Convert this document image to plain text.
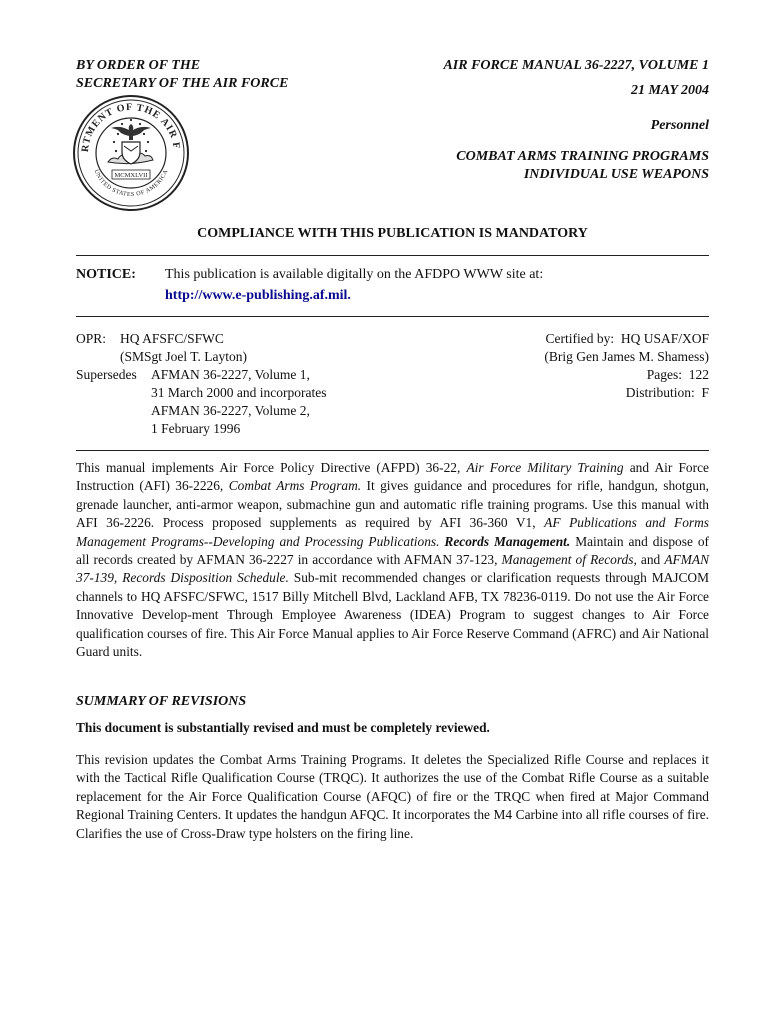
BY ORDER OF THE
SECRETARY OF THE AIR FORCE
AIR FORCE MANUAL 36-2227, VOLUME 1
21 MAY 2004
Personnel
COMBAT ARMS TRAINING PROGRAMS
INDIVIDUAL USE WEAPONS
RTMENT OF THE AIR F
UNITED STATES OF AMERICA
MCMXLVII
COMPLIANCE WITH THIS PUBLICATION IS MANDATORY
NOTICE: This publication is available digitally on the AFDPO WWW site at:
http://www.e-publishing.af.mil.
OPR: HQ AFSFC/SFWC
(SMSgt Joel T. Layton)
Supersedes AFMAN 36-2227, Volume 1,
31 March 2000 and incorporates
AFMAN 36-2227, Volume 2,
1 February 1996
Certified by: HQ USAF/XOF
(Brig Gen James M. Shamess)
Pages: 122
Distribution: F
This manual implements Air Force Policy Directive (AFPD) 36-22, Air Force Military Training and Air Force Instruction (AFI) 36-2226, Combat Arms Program. It gives guidance and procedures for rifle, handgun, shotgun, grenade launcher, anti-armor weapon, submachine gun and automatic rifle training programs. Use this manual with AFI 36-2226. Process proposed supplements as required by AFI 36-360 V1, AF Publications and Forms Management Programs--Developing and Processing Publications. Records Management. Maintain and dispose of all records created by AFMAN 36-2227 in accordance with AFMAN 37-123, Management of Records, and AFMAN 37-139, Records Disposition Schedule. Sub-mit recommended changes or clarification requests through MAJCOM channels to HQ AFSFC/SFWC, 1517 Billy Mitchell Blvd, Lackland AFB, TX 78236-0119. Do not use the Air Force Innovative Develop-ment Through Employee Awareness (IDEA) Program to suggest changes to Air Force qualification courses of fire. This Air Force Manual applies to Air Force Reserve Command (AFRC) and Air National Guard units.
SUMMARY OF REVISIONS
This document is substantially revised and must be completely reviewed.
This revision updates the Combat Arms Training Programs. It deletes the Specialized Rifle Course and replaces it with the Tactical Rifle Qualification Course (TRQC). It authorizes the use of the Combat Rifle Course as a suitable replacement for the Air Force Qualification Course (AFQC) of fire or the TRQC when fired at Major Command Regional Training Centers. It updates the handgun AFQC. It incorporates the M4 Carbine into all rifle courses of fire. Clarifies the use of Cross-Draw type holsters on the firing line.
